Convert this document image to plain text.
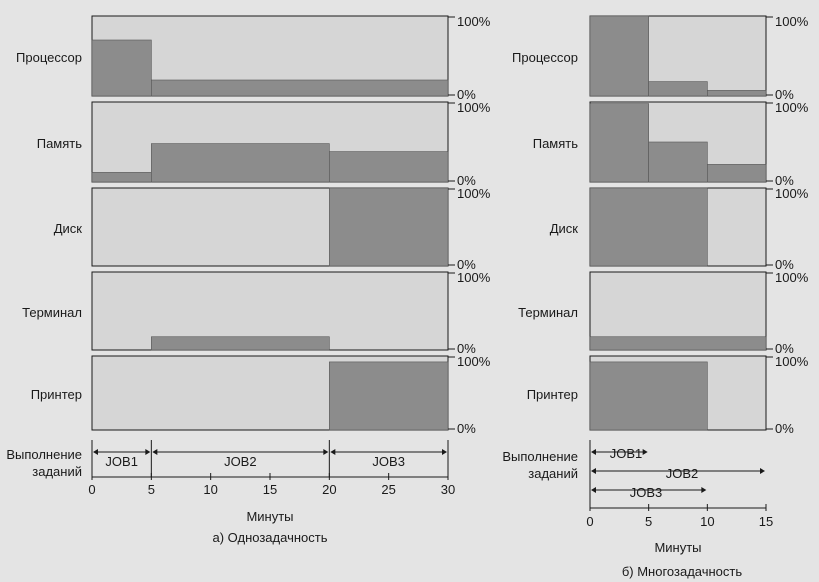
100%
0%
Процессор
100%
0%
Память
100%
0%
Диск
100%
0%
Терминал
100%
0%
Принтер
Выполнение заданий
JOB1	JOB2	JOB3
0	5	10	15	20	25	30
Минуты
а) Однозадачность
100%
0%
Процессор
100%
0%
Память
100%
0%
Диск
100%
0%
Терминал
100%
0%
Принтер
Выполнение заданий
JOB1
JOB2
JOB3
0	5	10	15
Минуты
б) Многозадачность
